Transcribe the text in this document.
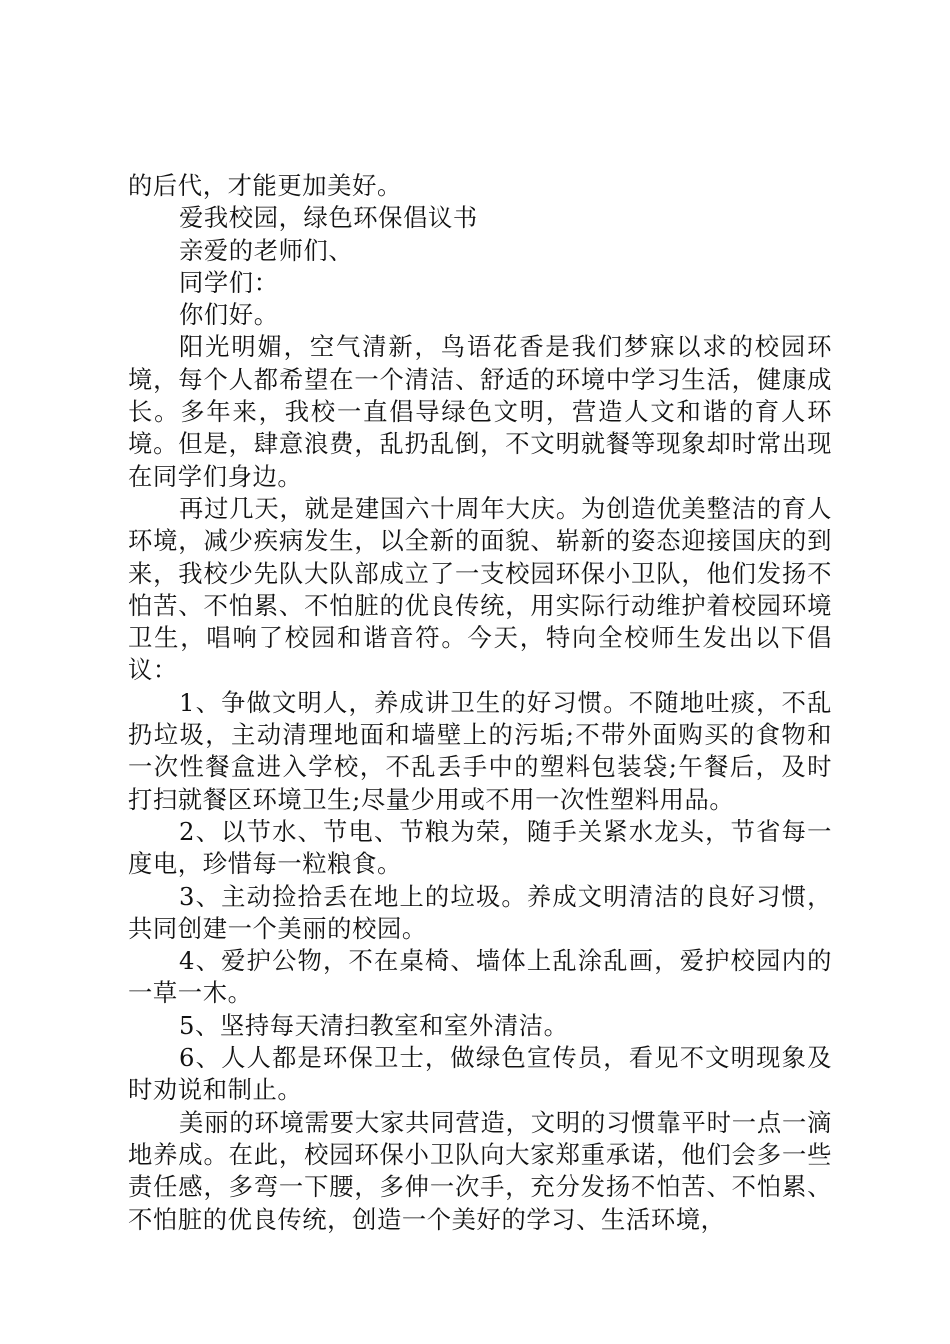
的后代，才能更加美好。

爱我校园，绿色环保倡议书

亲爱的老师们、

同学们：

你们好。

阳光明媚，空气清新，鸟语花香是我们梦寐以求的校园环境，每个人都希望在一个清洁、舒适的环境中学习生活，健康成长。多年来，我校一直倡导绿色文明，营造人文和谐的育人环境。但是，肆意浪费，乱扔乱倒，不文明就餐等现象却时常出现在同学们身边。

再过几天，就是建国六十周年大庆。为创造优美整洁的育人环境，减少疾病发生，以全新的面貌、崭新的姿态迎接国庆的到来，我校少先队大队部成立了一支校园环保小卫队，他们发扬不怕苦、不怕累、不怕脏的优良传统，用实际行动维护着校园环境卫生，唱响了校园和谐音符。今天，特向全校师生发出以下倡议：

1、争做文明人，养成讲卫生的好习惯。不随地吐痰，不乱扔垃圾，主动清理地面和墙壁上的污垢;不带外面购买的食物和一次性餐盒进入学校，不乱丢手中的塑料包装袋;午餐后，及时打扫就餐区环境卫生;尽量少用或不用一次性塑料用品。

2、以节水、节电、节粮为荣，随手关紧水龙头，节省每一度电，珍惜每一粒粮食。

3、主动捡拾丢在地上的垃圾。养成文明清洁的良好习惯，共同创建一个美丽的校园。

4、爱护公物，不在桌椅、墙体上乱涂乱画，爱护校园内的一草一木。

5、坚持每天清扫教室和室外清洁。

6、人人都是环保卫士，做绿色宣传员，看见不文明现象及时劝说和制止。

美丽的环境需要大家共同营造，文明的习惯靠平时一点一滴地养成。在此，校园环保小卫队向大家郑重承诺，他们会多一些责任感，多弯一下腰，多伸一次手，充分发扬不怕苦、不怕累、不怕脏的优良传统，创造一个美好的学习、生活环境，
